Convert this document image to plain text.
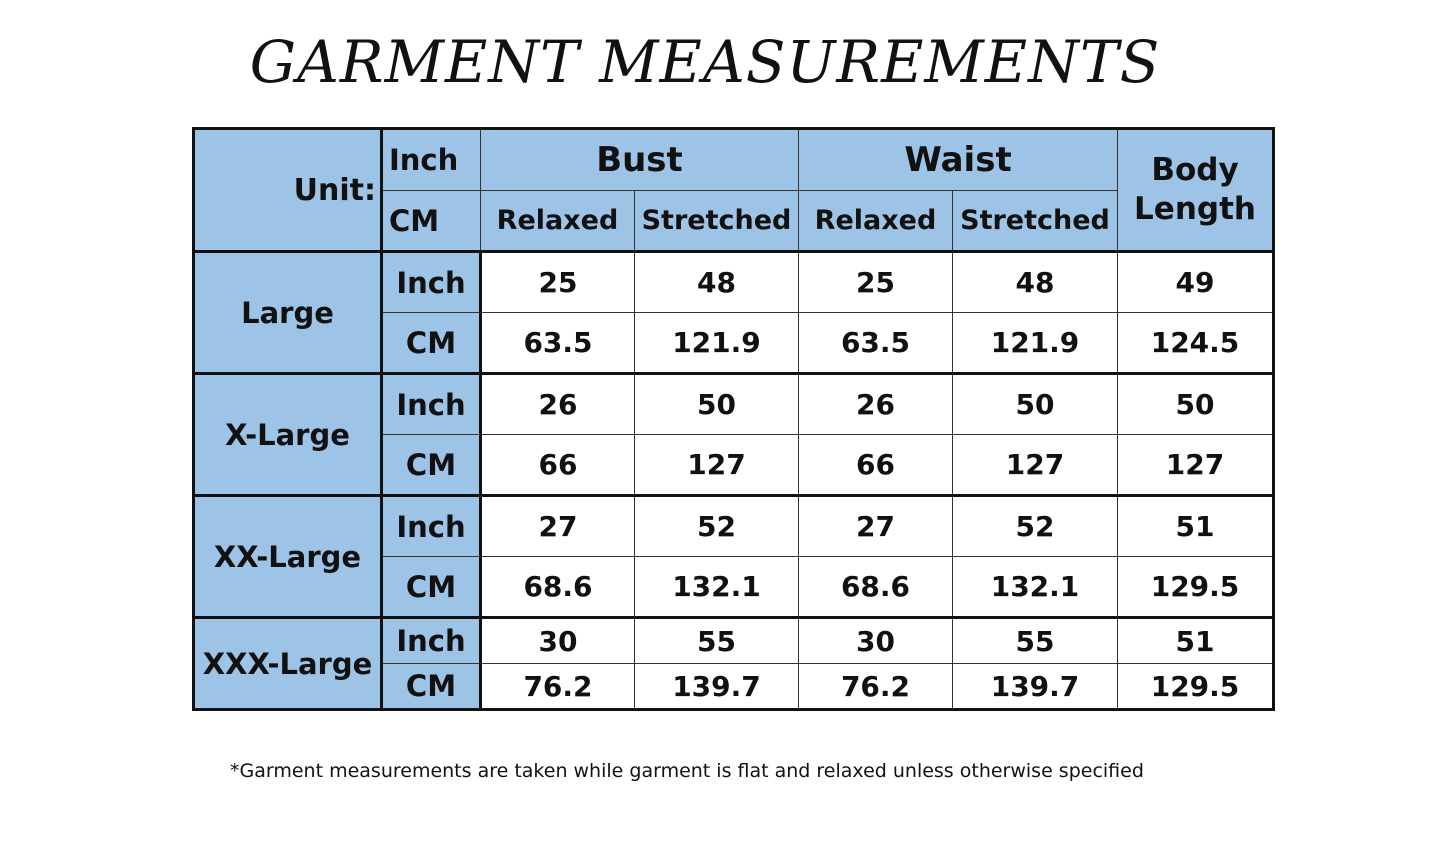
GARMENT MEASUREMENTS
Unit:	Inch	Bust		Waist		Body
Length
	CM	Relaxed	Stretched	Relaxed	Stretched	
Large	Inch	25	48	25	48	49
	CM	63.5	121.9	63.5	121.9	124.5
X-Large	Inch	26	50	26	50	50
	CM	66	127	66	127	127
XX-Large	Inch	27	52	27	52	51
	CM	68.6	132.1	68.6	132.1	129.5
XXX-Large	Inch	30	55	30	55	51
	CM	76.2	139.7	76.2	139.7	129.5
*Garment measurements are taken while garment is flat and relaxed unless otherwise specified
